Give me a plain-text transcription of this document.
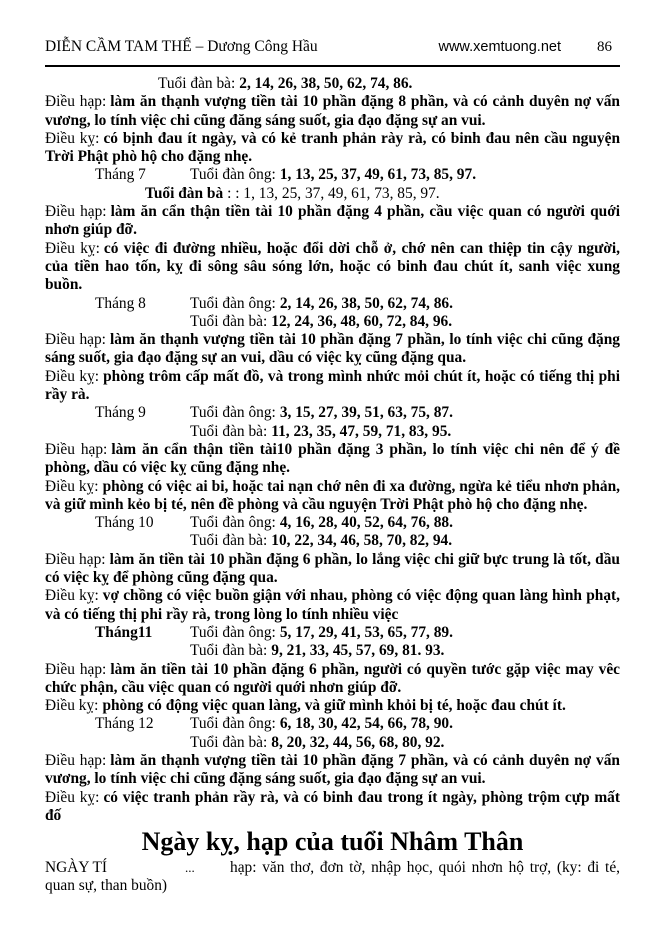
DIỄN CẦM TAM THẾ – Dương Công Hầu	www.xemtuong.net 86

Tuổi đàn bà: 2, 14, 26, 38, 50, 62, 74, 86.

Điều hạp: làm ăn thạnh vượng tiền tài 10 phần đặng 8 phần, và có cảnh duyên nợ vấn vương, lo tính việc chi cũng đăng sáng suốt, gia đạo đặng sự an vui.

Điều kỵ: có bịnh đau ít ngày, và có kẻ tranh phản rày rà, có binh đau nên cầu nguyện Trời Phật phò hộ cho đặng nhẹ.

Tháng 7	Tuổi đàn ông: 1, 13, 25, 37, 49, 61, 73, 85, 97.

Tuổi đàn bà : : 1, 13, 25, 37, 49, 61, 73, 85, 97.

Điều hạp: làm ăn cẩn thận tiền tài 10 phần đặng 4 phần, cầu việc quan có người quới nhơn giúp đỡ.

Điều kỵ: có việc đi đường nhiều, hoặc đổi dời chỗ ở, chớ nên can thiệp tin cậy người, của tiền hao tốn, kỵ đi sông sâu sóng lớn, hoặc có binh đau chút ít, sanh việc xung buồn.

Tháng 8	Tuổi đàn ông: 2, 14, 26, 38, 50, 62, 74, 86.

Tuổi đàn bà: 12, 24, 36, 48, 60, 72, 84, 96.

Điều hạp: làm ăn thạnh vượng tiền tài 10 phần đặng 7 phần, lo tính việc chi cũng đặng sáng suốt, gia đạo đặng sự an vui, dầu có việc kỵ cũng đặng qua.

Điều kỵ: phòng trôm cấp mất đồ, và trong mình nhức mỏi chút ít, hoặc có tiếng thị phi rầy rà.

Tháng 9	Tuổi đàn ông: 3, 15, 27, 39, 51, 63, 75, 87.

Tuổi đàn bà: 11, 23, 35, 47, 59, 71, 83, 95.

Điều hạp: làm ăn cẩn thận tiền tài10 phần đặng 3 phần, lo tính việc chi nên để ý đề phòng, dầu có việc kỵ cũng đặng nhẹ.

Điều kỵ: phòng có việc ai bi, hoặc tai nạn chớ nên đi xa đường, ngừa kẻ tiểu nhơn phản, và giữ mình kẻo bị té, nên đề phòng và cầu nguyện Trời Phật phò hộ cho đặng nhẹ.

Tháng 10 Tuổi đàn ông: 4, 16, 28, 40, 52, 64, 76, 88.

Tuổi đàn bà: 10, 22, 34, 46, 58, 70, 82, 94.

Điều hạp: làm ăn tiền tài 10 phần đặng 6 phần, lo lắng việc chi giữ bực trung là tốt, dầu có việc kỵ để phòng cũng đặng qua.

Điều kỵ: vợ chồng có việc buồn giận với nhau, phòng có việc động quan làng hình phạt, và có tiếng thị phi rầy rà, trong lòng lo tính nhiều việc

Tháng11 Tuổi đàn ông: 5, 17, 29, 41, 53, 65, 77, 89.

Tuổi đàn bà: 9, 21, 33, 45, 57, 69, 81. 93.

Điều hạp: làm ăn tiền tài 10 phần đặng 6 phần, người có quyền tước gặp việc may vêc chức phận, cầu việc quan có người quới nhơn giúp đỡ.

Điều kỵ: phòng có động việc quan làng, và giữ mình khỏi bị té, hoặc đau chút ít.

Tháng 12 Tuổi đàn ông: 6, 18, 30, 42, 54, 66, 78, 90.

Tuổi đàn bà: 8, 20, 32, 44, 56, 68, 80, 92.

Điều hạp: làm ăn thạnh vượng tiền tài 10 phần đặng 7 phần, và có cảnh duyên nợ vấn vương, lo tính việc chi cũng đặng sáng suốt, gia đạo đặng sự an vui.

Điều kỵ: có việc tranh phản rầy rà, và có binh đau trong ít ngày, phòng trộm cựp mất đố

Ngày kỵ, hạp của tuổi Nhâm Thân

NGÀY TÍ	... hạp: văn thơ, đơn tờ, nhập học, quói nhơn hộ trợ, (ky: đi té, quan sự, than buồn)
